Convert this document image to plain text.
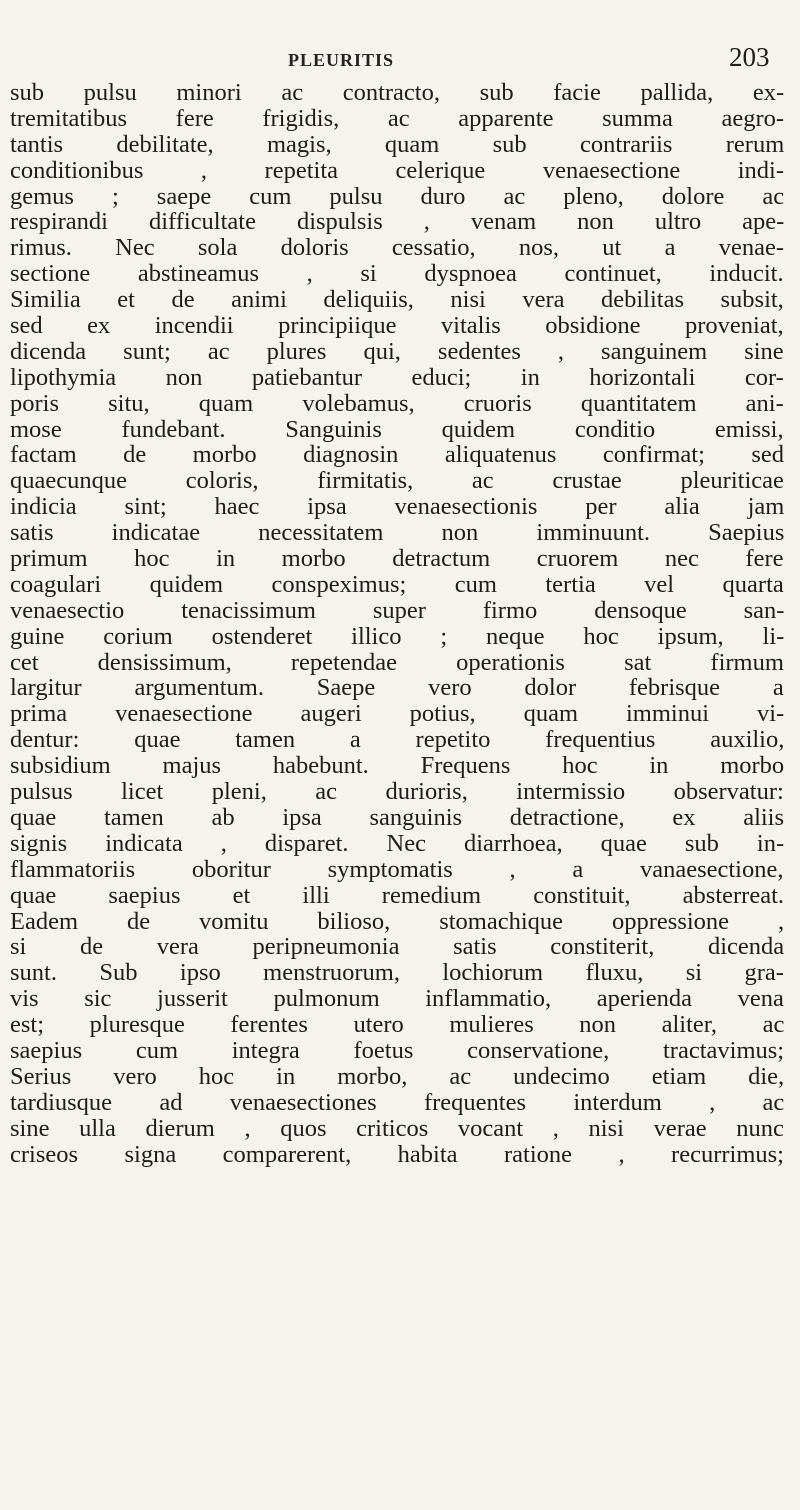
PLEURITIS	203
sub pulsu minori ac contracto, sub facie pallida, ex-
tremitatibus fere frigidis, ac apparente summa aegro-
tantis debilitate, magis, quam sub contrariis rerum
conditionibus , repetita celerique venaesectione indi-
gemus ; saepe cum pulsu duro ac pleno, dolore ac
respirandi difficultate dispulsis , venam non ultro ape-
rimus. Nec sola doloris cessatio, nos, ut a venae-
sectione abstineamus , si dyspnoea continuet, inducit.
Similia et de animi deliquiis, nisi vera debilitas subsit,
sed ex incendii principiique vitalis obsidione proveniat,
dicenda sunt; ac plures qui, sedentes , sanguinem sine
lipothymia non patiebantur educi; in horizontali cor-
poris situ, quam volebamus, cruoris quantitatem ani-
mose fundebant. Sanguinis quidem conditio emissi,
factam de morbo diagnosin aliquatenus confirmat; sed
quaecunque coloris, firmitatis, ac crustae pleuriticae
indicia sint; haec ipsa venaesectionis per alia jam
satis indicatae necessitatem non imminuunt. Saepius
primum hoc in morbo detractum cruorem nec fere
coagulari quidem conspeximus; cum tertia vel quarta
venaesectio tenacissimum super firmo densoque san-
guine corium ostenderet illico ; neque hoc ipsum, li-
cet densissimum, repetendae operationis sat firmum
largitur argumentum. Saepe vero dolor febrisque a
prima venaesectione augeri potius, quam imminui vi-
dentur: quae tamen a repetito frequentius auxilio,
subsidium majus habebunt. Frequens hoc in morbo
pulsus licet pleni, ac durioris, intermissio observatur:
quae tamen ab ipsa sanguinis detractione, ex aliis
signis indicata , disparet. Nec diarrhoea, quae sub in-
flammatoriis oboritur symptomatis , a vanaesectione,
quae saepius et illi remedium constituit, absterreat.
Eadem de vomitu bilioso, stomachique oppressione ,
si de vera peripneumonia satis constiterit, dicenda
sunt. Sub ipso menstruorum, lochiorum fluxu, si gra-
vis sic jusserit pulmonum inflammatio, aperienda vena
est; pluresque ferentes utero mulieres non aliter, ac
saepius cum integra foetus conservatione, tractavimus;
Serius vero hoc in morbo, ac undecimo etiam die,
tardiusque ad venaesectiones frequentes interdum , ac
sine ulla dierum , quos criticos vocant , nisi verae nunc
criseos signa comparerent, habita ratione , recurrimus;
